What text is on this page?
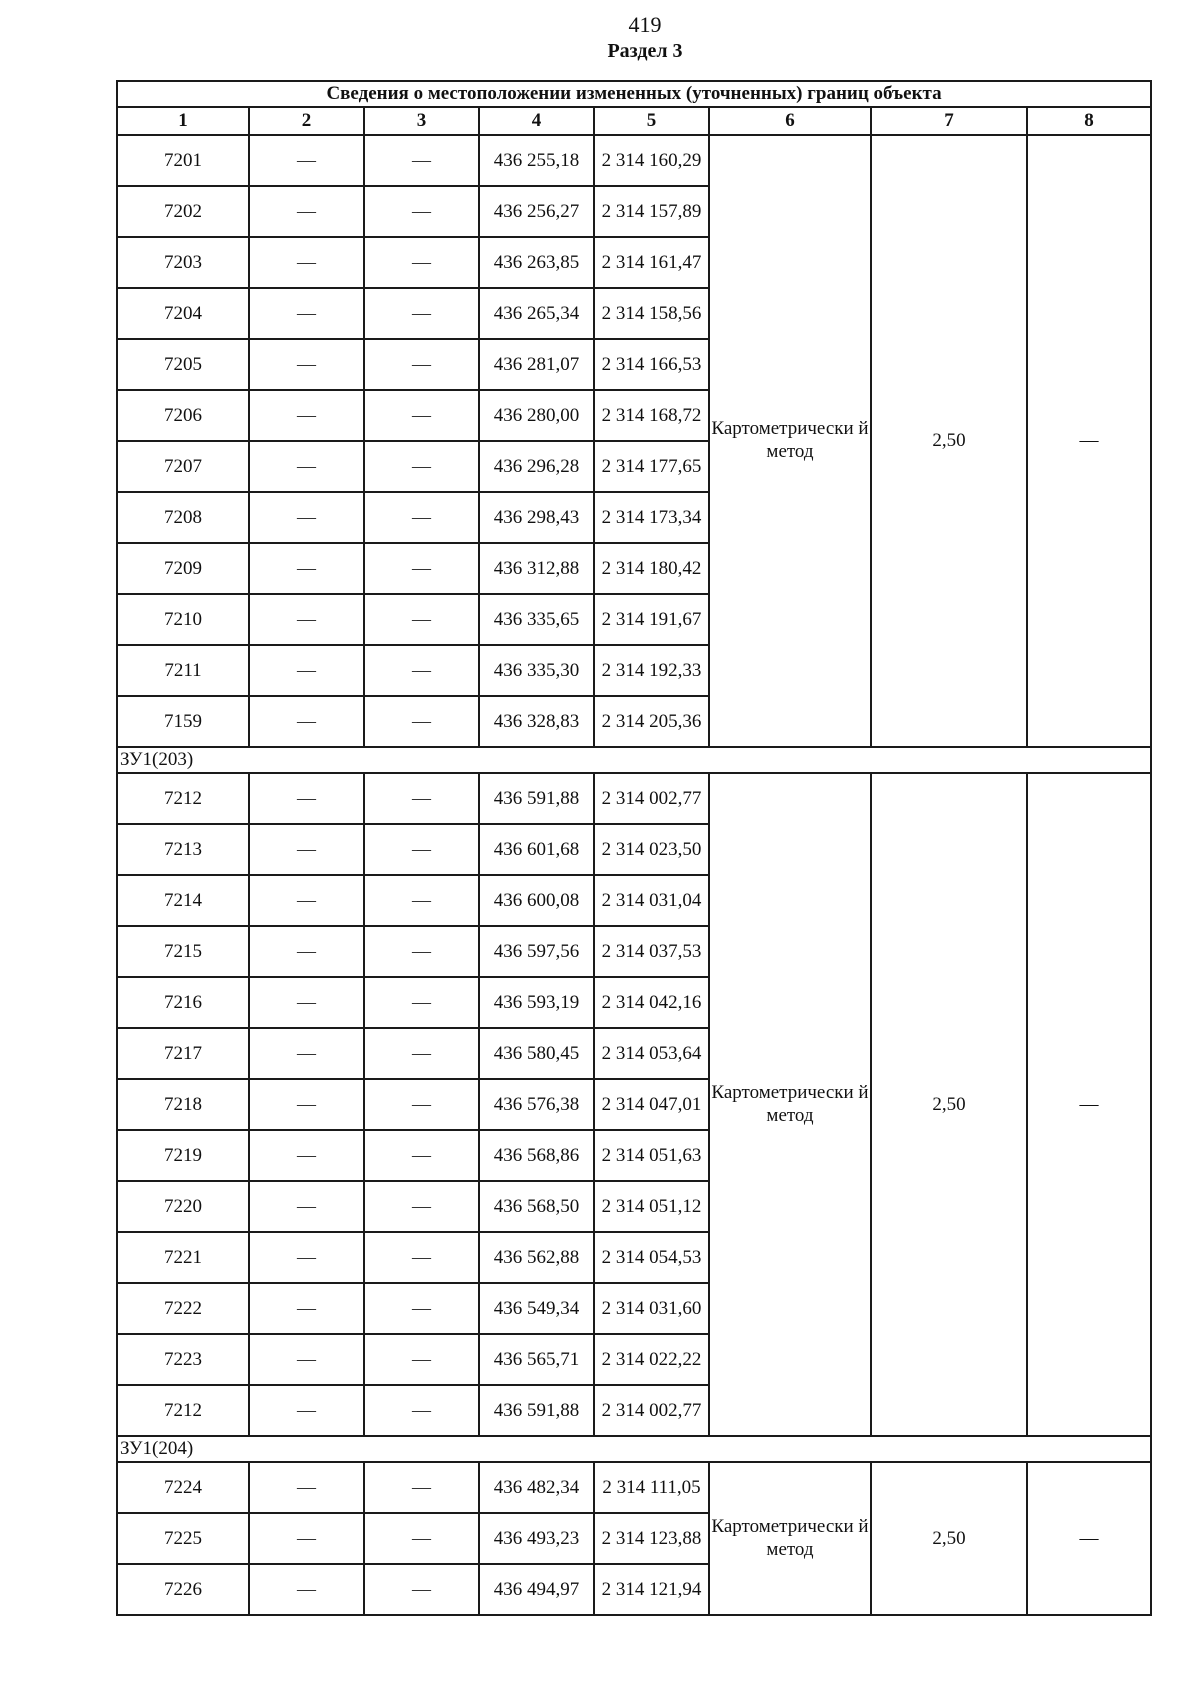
419
Раздел 3
Сведения о местоположении измененных (уточненных) границ объекта							
1	2	3	4	5	6	7	8
7201	—	—	436 255,18	2 314 160,29	Картометрически й метод	2,50	—
7202	—	—	436 256,27	2 314 157,89			
7203	—	—	436 263,85	2 314 161,47			
7204	—	—	436 265,34	2 314 158,56			
7205	—	—	436 281,07	2 314 166,53			
7206	—	—	436 280,00	2 314 168,72			
7207	—	—	436 296,28	2 314 177,65			
7208	—	—	436 298,43	2 314 173,34			
7209	—	—	436 312,88	2 314 180,42			
7210	—	—	436 335,65	2 314 191,67			
7211	—	—	436 335,30	2 314 192,33			
7159	—	—	436 328,83	2 314 205,36			
ЗУ1(203)							
7212	—	—	436 591,88	2 314 002,77	Картометрически й метод	2,50	—
7213	—	—	436 601,68	2 314 023,50			
7214	—	—	436 600,08	2 314 031,04			
7215	—	—	436 597,56	2 314 037,53			
7216	—	—	436 593,19	2 314 042,16			
7217	—	—	436 580,45	2 314 053,64			
7218	—	—	436 576,38	2 314 047,01			
7219	—	—	436 568,86	2 314 051,63			
7220	—	—	436 568,50	2 314 051,12			
7221	—	—	436 562,88	2 314 054,53			
7222	—	—	436 549,34	2 314 031,60			
7223	—	—	436 565,71	2 314 022,22			
7212	—	—	436 591,88	2 314 002,77			
ЗУ1(204)							
7224	—	—	436 482,34	2 314 111,05	Картометрически й метод	2,50	—
7225	—	—	436 493,23	2 314 123,88			
7226	—	—	436 494,97	2 314 121,94			
